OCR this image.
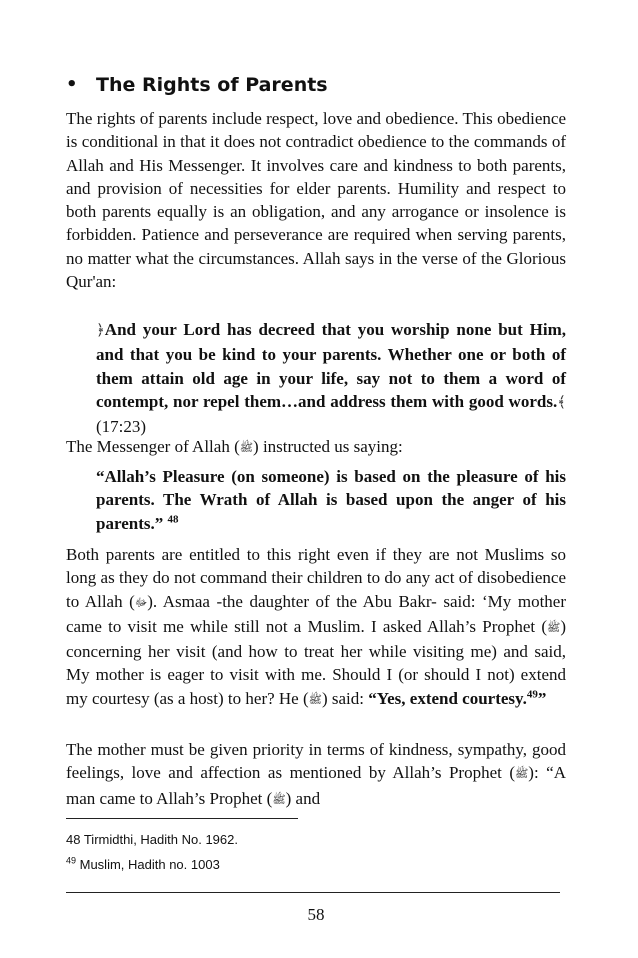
• The Rights of Parents

The rights of parents include respect, love and obedience. This obedience is conditional in that it does not contradict obedience to the commands of Allah and His Messenger. It involves care and kindness to both parents, and provision of necessities for elder parents. Humility and respect to both parents equally is an obligation, and any arrogance or insolence is forbidden. Patience and perseverance are required when serving parents, no matter what the circumstances. Allah says in the verse of the Glorious Qur'an:

﴿And your Lord has decreed that you worship none but Him, and that you be kind to your parents. Whether one or both of them attain old age in your life, say not to them a word of contempt, nor repel them…and address them with good words.﴾ (17:23)

The Messenger of Allah (ﷺ) instructed us saying:

“Allah’s Pleasure (on someone) is based on the pleasure of his parents. The Wrath of Allah is based upon the anger of his parents.” $^{48}$

Both parents are entitled to this right even if they are not Muslims so long as they do not command their children to do any act of disobedience to Allah (ﷻ). Asmaa -the daughter of the Abu Bakr- said: ‘My mother came to visit me while still not a Muslim. I asked Allah’s Prophet (ﷺ) concerning her visit (and how to treat her while visiting me) and said, My mother is eager to visit with me. Should I (or should I not) extend my courtesy (as a host) to her? He (ﷺ) said: “Yes, extend courtesy.$^{49}$”

The mother must be given priority in terms of kindness, sympathy, good feelings, love and affection as mentioned by Allah’s Prophet (ﷺ): “A man came to Allah’s Prophet (ﷺ) and

48 Tirmidthi, Hadith No. 1962.
$^{49}$ Muslim, Hadith no. 1003
58
